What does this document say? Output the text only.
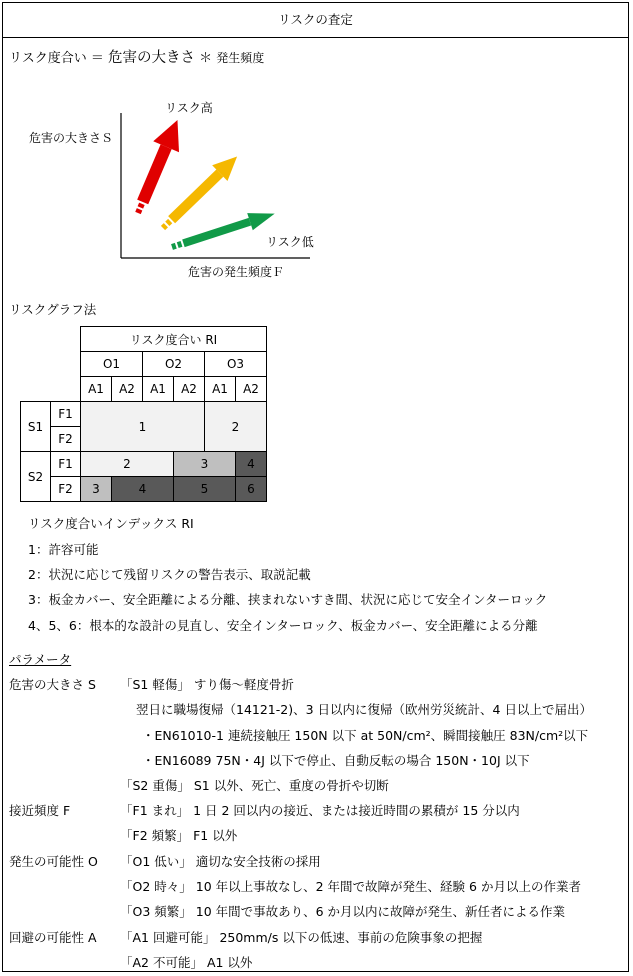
リスクの査定
リスク度合い ＝ 危害の大きさ ＊ 発生頻度
危害の大きさＳ
危害の発生頻度Ｆ
リスク高
リスク低
リスクグラフ法
		リスク度合い RI					
		O1		O2		O3	
		A1	A2	A1	A2	A1	A2
S1	F1	1				2	
	F2						
S2	F1	2			3		4
	F2	3	4		5		6
リスク度合いインデックス RI
1：許容可能
2：状況に応じて残留リスクの警告表示、取説記載
3：板金カバー、安全距離による分離、挟まれないすき間、状況に応じて安全インターロック
4、5、6：根本的な設計の見直し、安全インターロック、板金カバー、安全距離による分離
パラメータ
危害の大きさ S 「S1 軽傷」 すり傷～軽度骨折
翌日に職場復帰（14121-2)、3 日以内に復帰（欧州労災統計、4 日以上で届出）
・EN61010-1 連続接触圧 150N 以下 at 50N/cm²、瞬間接触圧 83N/cm²以下
・EN16089 75N・4J 以下で停止、自動反転の場合 150N・10J 以下
「S2 重傷」 S1 以外、死亡、重度の骨折や切断
接近頻度 F	「F1 まれ」 1 日 2 回以内の接近、または接近時間の累積が 15 分以内
「F2 頻繁」 F1 以外
発生の可能性 O 「O1 低い」 適切な安全技術の採用
「O2 時々」 10 年以上事故なし、2 年間で故障が発生、経験 6 か月以上の作業者
「O3 頻繁」 10 年間で事故あり、6 か月以内に故障が発生、新任者による作業
回避の可能性 A 「A1 回避可能」 250mm/s 以下の低速、事前の危険事象の把握
「A2 不可能」 A1 以外
